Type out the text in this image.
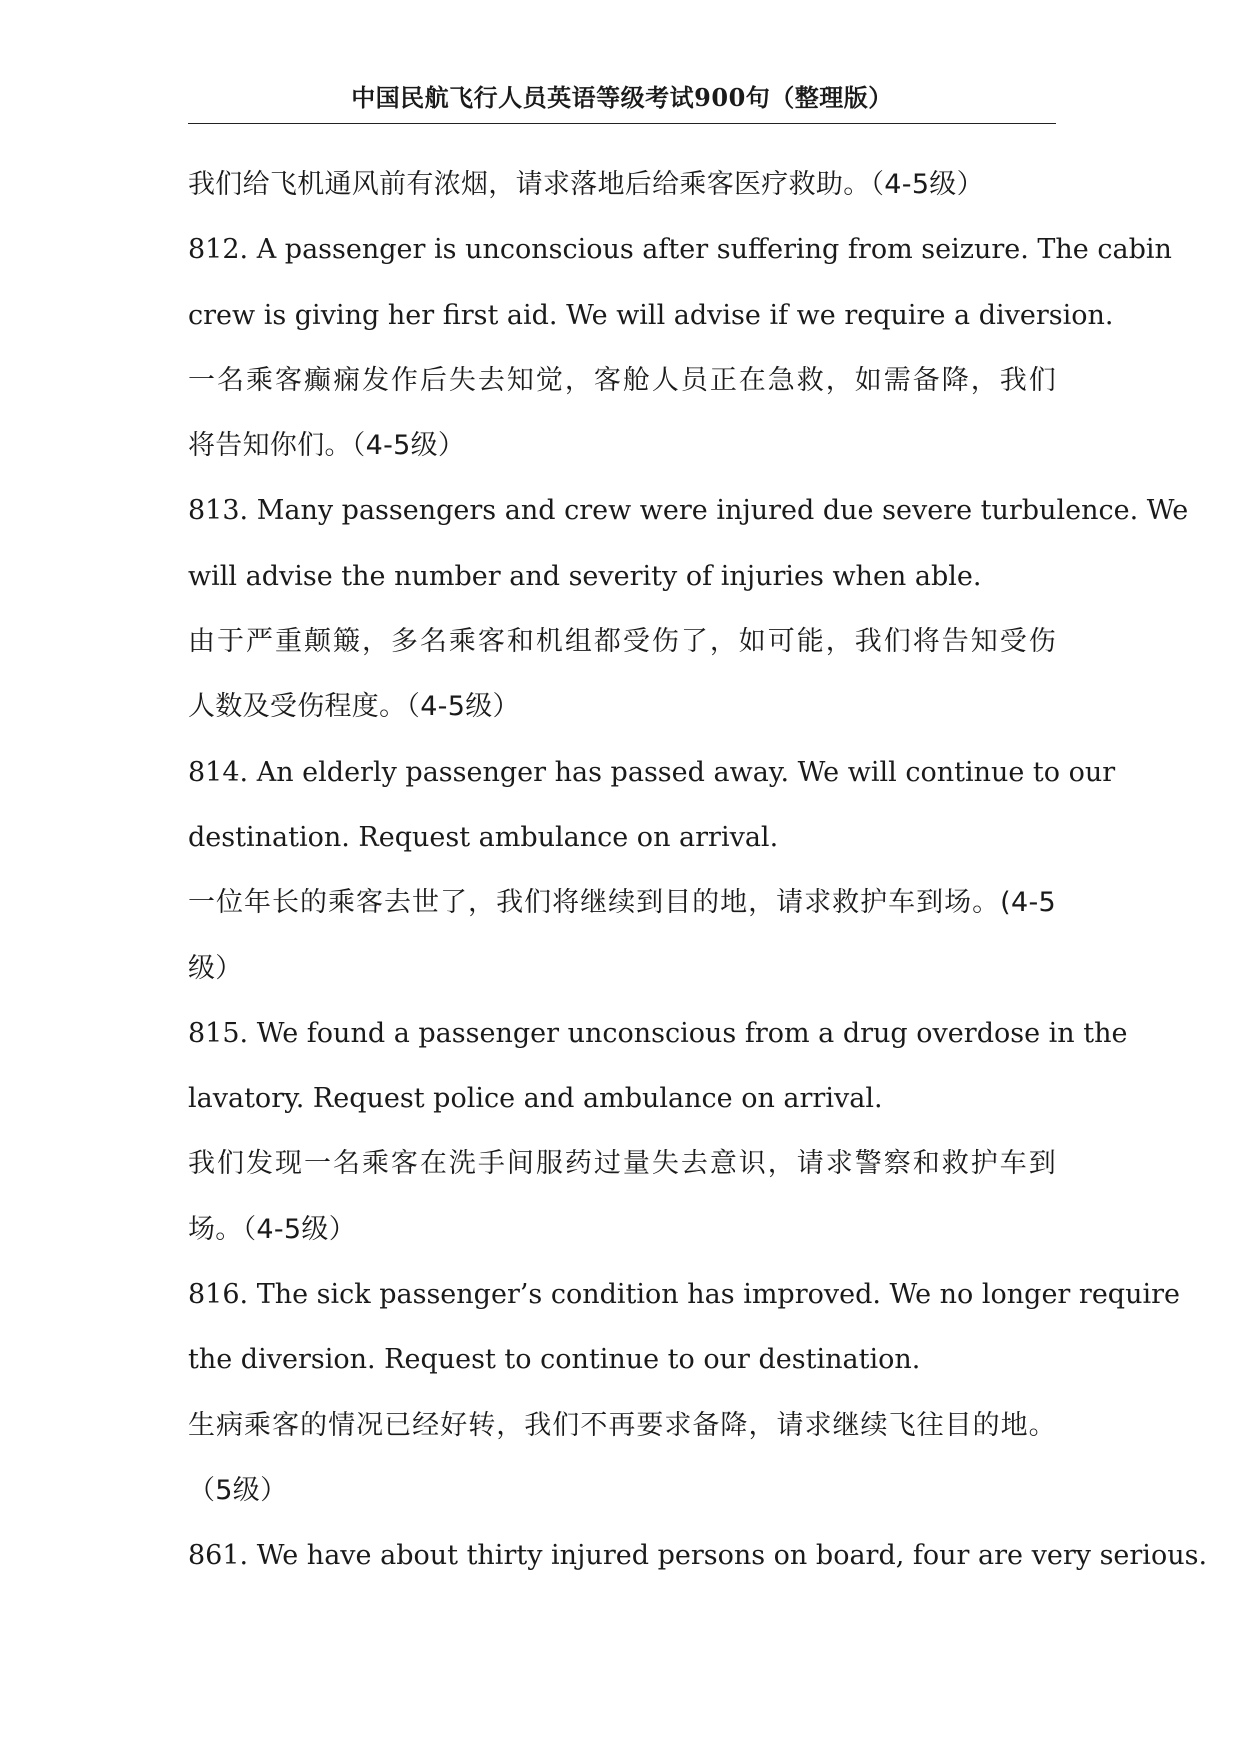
中国民航飞行人员英语等级考试900句（整理版）
我们给飞机通风前有浓烟，请求落地后给乘客医疗救助。（4-5级）
812. A passenger is unconscious after suffering from seizure. The cabin
crew is giving her first aid. We will advise if we require a diversion.
一名乘客癫痫发作后失去知觉，客舱人员正在急救，如需备降，我们
将告知你们。（4-5级）
813. Many passengers and crew were injured due severe turbulence. We
will advise the number and severity of injuries when able.
由于严重颠簸，多名乘客和机组都受伤了，如可能，我们将告知受伤
人数及受伤程度。（4-5级）
814. An elderly passenger has passed away. We will continue to our
destination. Request ambulance on arrival.
一位年长的乘客去世了，我们将继续到目的地，请求救护车到场。(4-5
级）
815. We found a passenger unconscious from a drug overdose in the
lavatory. Request police and ambulance on arrival.
我们发现一名乘客在洗手间服药过量失去意识，请求警察和救护车到
场。（4-5级）
816. The sick passenger’s condition has improved. We no longer require
the diversion. Request to continue to our destination.
生病乘客的情况已经好转，我们不再要求备降，请求继续飞往目的地。
（5级）
861. We have about thirty injured persons on board, four are very serious.
